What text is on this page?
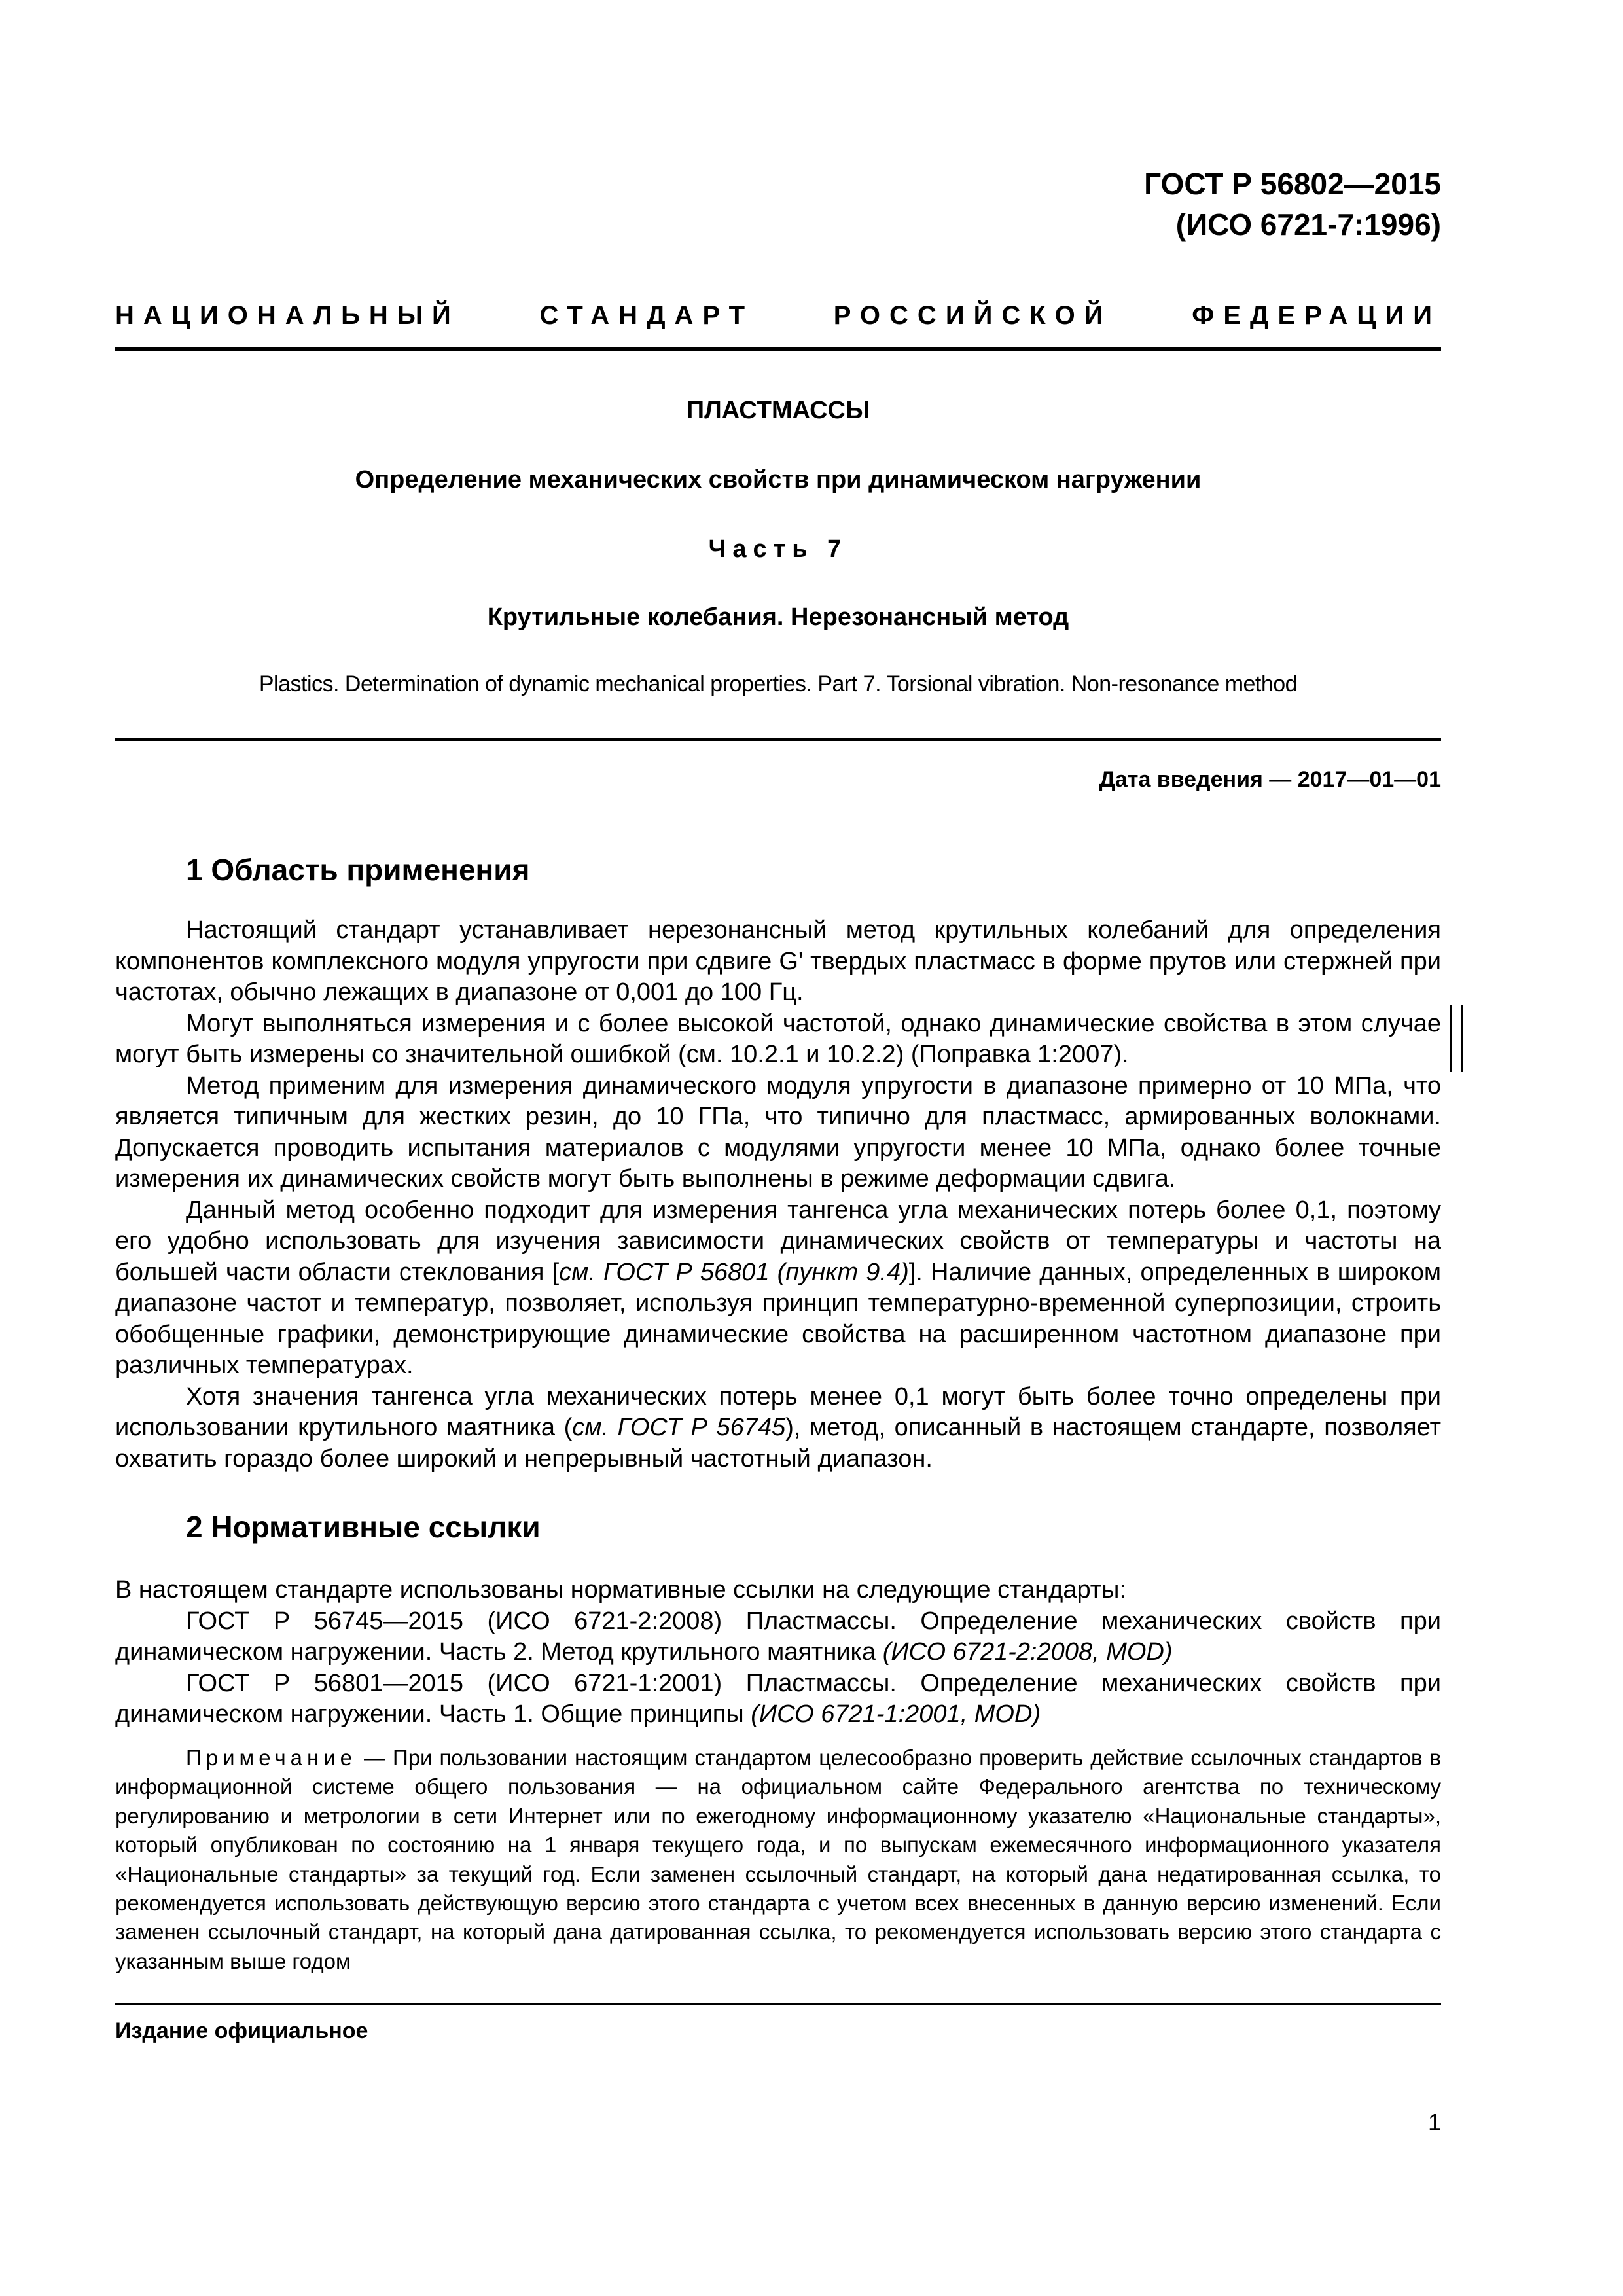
ГОСТ Р 56802—2015
(ИСО 6721-7:1996)
НАЦИОНАЛЬНЫЙ	СТАНДАРТ	РОССИЙСКОЙ	ФЕДЕРАЦИИ
ПЛАСТМАССЫ
Определение механических свойств при динамическом нагружении
Часть 7
Крутильные колебания. Нерезонансный метод
Plastics. Determination of dynamic mechanical properties. Part 7. Torsional vibration. Non-resonance method
Дата введения — 2017—01—01
1 Область применения

Настоящий стандарт устанавливает нерезонансный метод крутильных колебаний для определения компонентов комплексного модуля упругости при сдвиге G' твердых пластмасс в форме прутов или стержней при частотах, обычно лежащих в диапазоне от 0,001 до 100 Гц.

Могут выполняться измерения и с более высокой частотой, однако динамические свойства в этом случае могут быть измерены со значительной ошибкой (см. 10.2.1 и 10.2.2) (Поправка 1:2007).

Метод применим для измерения динамического модуля упругости в диапазоне примерно от 10 МПа, что является типичным для жестких резин, до 10 ГПа, что типично для пластмасс, армированных волокнами. Допускается проводить испытания материалов с модулями упругости менее 10 МПа, однако более точные измерения их динамических свойств могут быть выполнены в режиме деформации сдвига.

Данный метод особенно подходит для измерения тангенса угла механических потерь более 0,1, поэтому его удобно использовать для изучения зависимости динамических свойств от температуры и частоты на большей части области стеклования [см. ГОСТ Р 56801 (пункт 9.4)]. Наличие данных, определенных в широком диапазоне частот и температур, позволяет, используя принцип температурно-временной суперпозиции, строить обобщенные графики, демонстрирующие динамические свойства на расширенном частотном диапазоне при различных температурах.

Хотя значения тангенса угла механических потерь менее 0,1 могут быть более точно определены при использовании крутильного маятника (см. ГОСТ Р 56745), метод, описанный в настоящем стандарте, позволяет охватить гораздо более широкий и непрерывный частотный диапазон.

2 Нормативные ссылки

В настоящем стандарте использованы нормативные ссылки на следующие стандарты:

ГОСТ Р 56745—2015 (ИСО 6721-2:2008) Пластмассы. Определение механических свойств при динамическом нагружении. Часть 2. Метод крутильного маятника (ИСО 6721-2:2008, MOD)

ГОСТ Р 56801—2015 (ИСО 6721-1:2001) Пластмассы. Определение механических свойств при динамическом нагружении. Часть 1. Общие принципы (ИСО 6721-1:2001, MOD)

Примечание — При пользовании настоящим стандартом целесообразно проверить действие ссылочных стандартов в информационной системе общего пользования — на официальном сайте Федерального агентства по техническому регулированию и метрологии в сети Интернет или по ежегодному информационному указателю «Национальные стандарты», который опубликован по состоянию на 1 января текущего года, и по выпускам ежемесячного информационного указателя «Национальные стандарты» за текущий год. Если заменен ссылочный стандарт, на который дана недатированная ссылка, то рекомендуется использовать действующую версию этого стандарта с учетом всех внесенных в данную версию изменений. Если заменен ссылочный стандарт, на который дана датированная ссылка, то рекомендуется использовать версию этого стандарта с указанным выше годом

Издание официальное
1
